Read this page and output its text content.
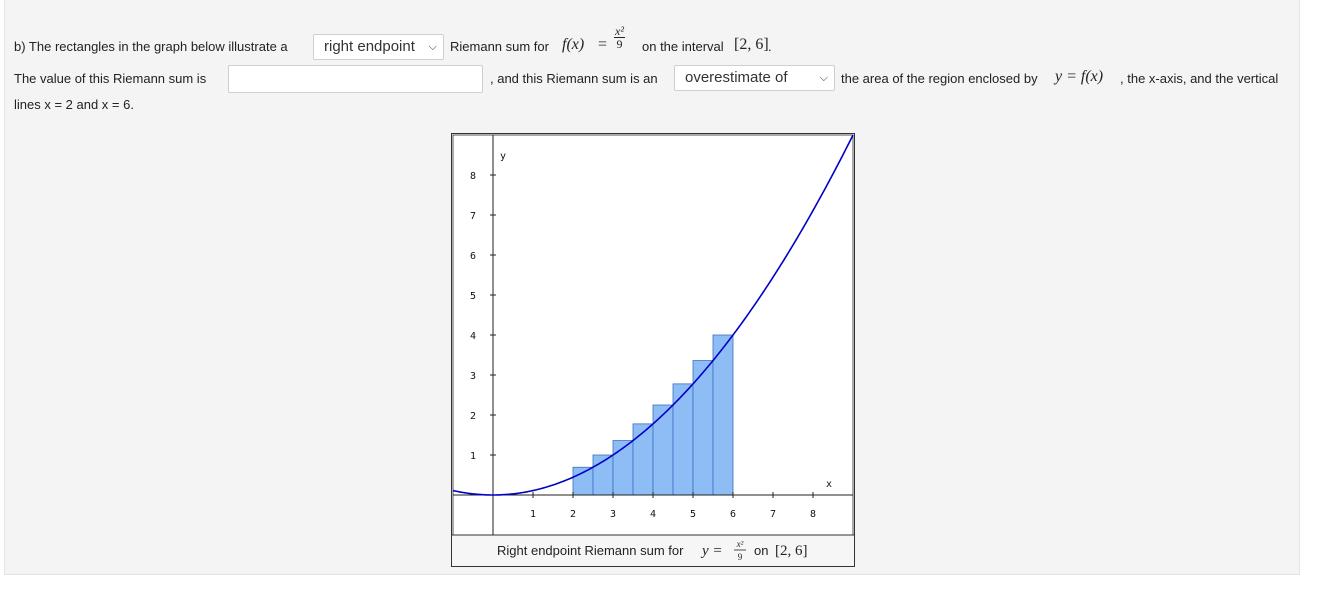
b) The rectangles in the graph below illustrate a	right endpoint ⌵ Riemann sum for $f(x) = \frac{\text{x²}}{9}$ on the interval [2, 6] .
The value of this Riemann sum is	, and this Riemann sum is an	overestimate of	⌵ the area of the region enclosed by y = f(x) , the x-axis, and the vertical
lines x = 2 and x = 6.
1	2	3	4	5	6	7	8
1
2
3
4
5
6
7
8
x
y
Right endpoint Riemann sum for y = x²
9 on [2, 6]
